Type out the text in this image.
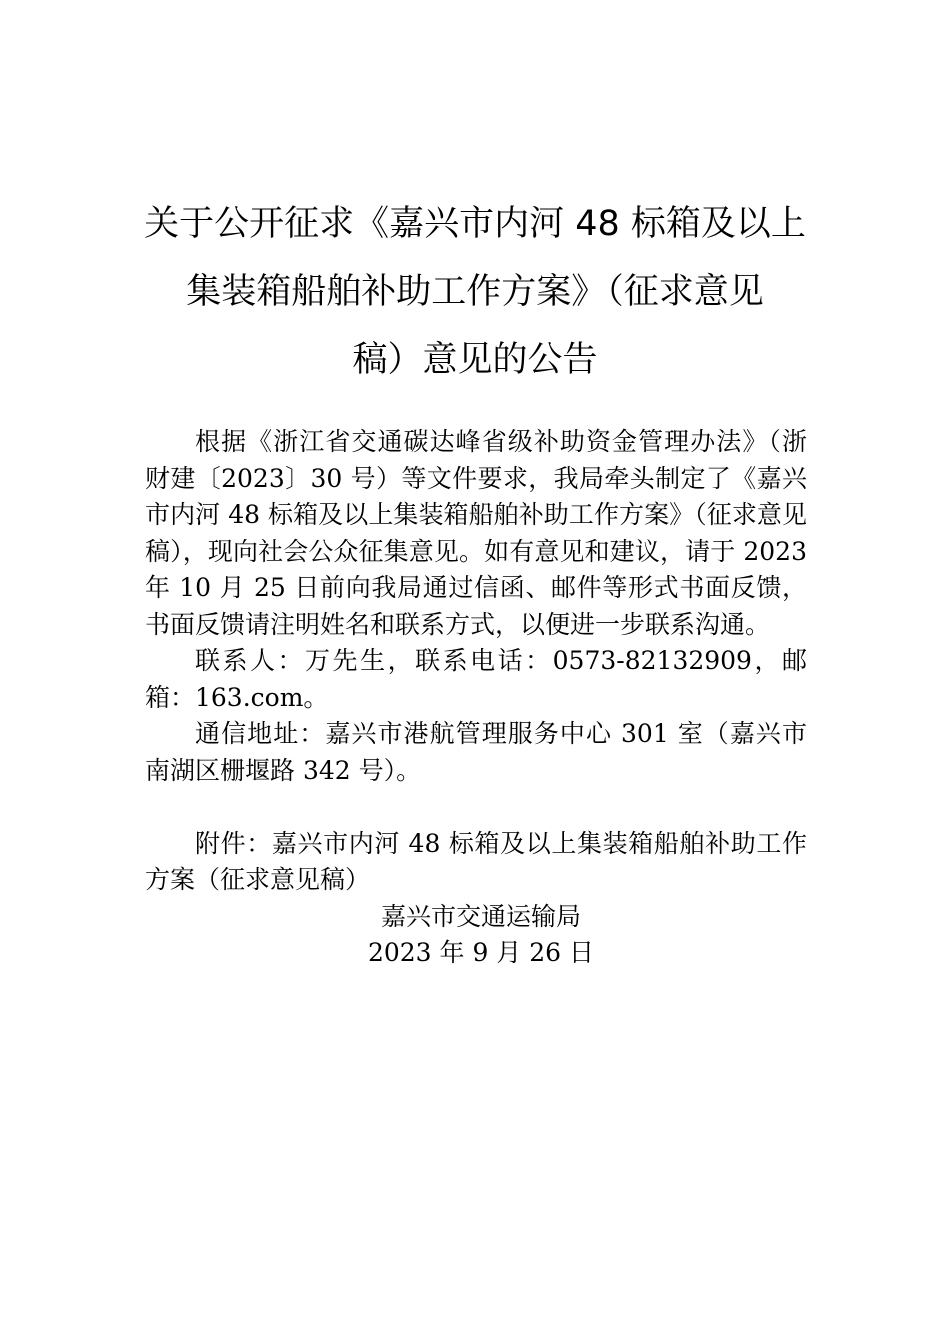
关于公开征求《嘉兴市内河 48 标箱及以上
集装箱船舶补助工作方案》（征求意见
稿）意见的公告

根据《浙江省交通碳达峰省级补助资金管理办法》（浙财建〔2023〕30 号）等文件要求，我局牵头制定了《嘉兴市内河 48 标箱及以上集装箱船舶补助工作方案》（征求意见稿），现向社会公众征集意见。如有意见和建议，请于 2023 年 10 月 25 日前向我局通过信函、邮件等形式书面反馈，书面反馈请注明姓名和联系方式，以便进一步联系沟通。

联系人：万先生，联系电话：0573-82132909，邮箱：163.com。

通信地址：嘉兴市港航管理服务中心 301 室（嘉兴市南湖区栅堰路 342 号）。

附件：嘉兴市内河 48 标箱及以上集装箱船舶补助工作方案（征求意见稿）

嘉兴市交通运输局

2023 年 9 月 26 日
